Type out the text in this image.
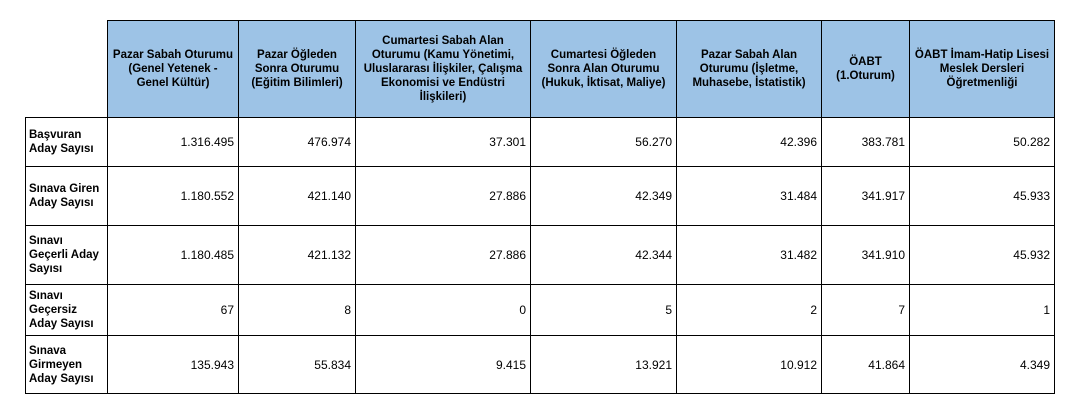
	Pazar Sabah Oturumu (Genel Yetenek - Genel Kültür)	Pazar Öğleden Sonra Oturumu (Eğitim Bilimleri)	Cumartesi Sabah Alan Oturumu (Kamu Yönetimi, Uluslararası İlişkiler, Çalışma Ekonomisi ve Endüstri İlişkileri)	Cumartesi Öğleden Sonra Alan Oturumu (Hukuk, İktisat, Maliye)	Pazar Sabah Alan Oturumu (İşletme, Muhasebe, İstatistik)	ÖABT (1.Oturum)	ÖABT İmam-Hatip Lisesi Meslek Dersleri Öğretmenliği
Başvuran Aday Sayısı	1.316.495	476.974	37.301	56.270	42.396	383.781	50.282
Sınava Giren Aday Sayısı	1.180.552	421.140	27.886	42.349	31.484	341.917	45.933
Sınavı Geçerli Aday Sayısı	1.180.485	421.132	27.886	42.344	31.482	341.910	45.932
Sınavı Geçersiz Aday Sayısı	67	8	0	5	2	7	1
Sınava Girmeyen Aday Sayısı	135.943	55.834	9.415	13.921	10.912	41.864	4.349
